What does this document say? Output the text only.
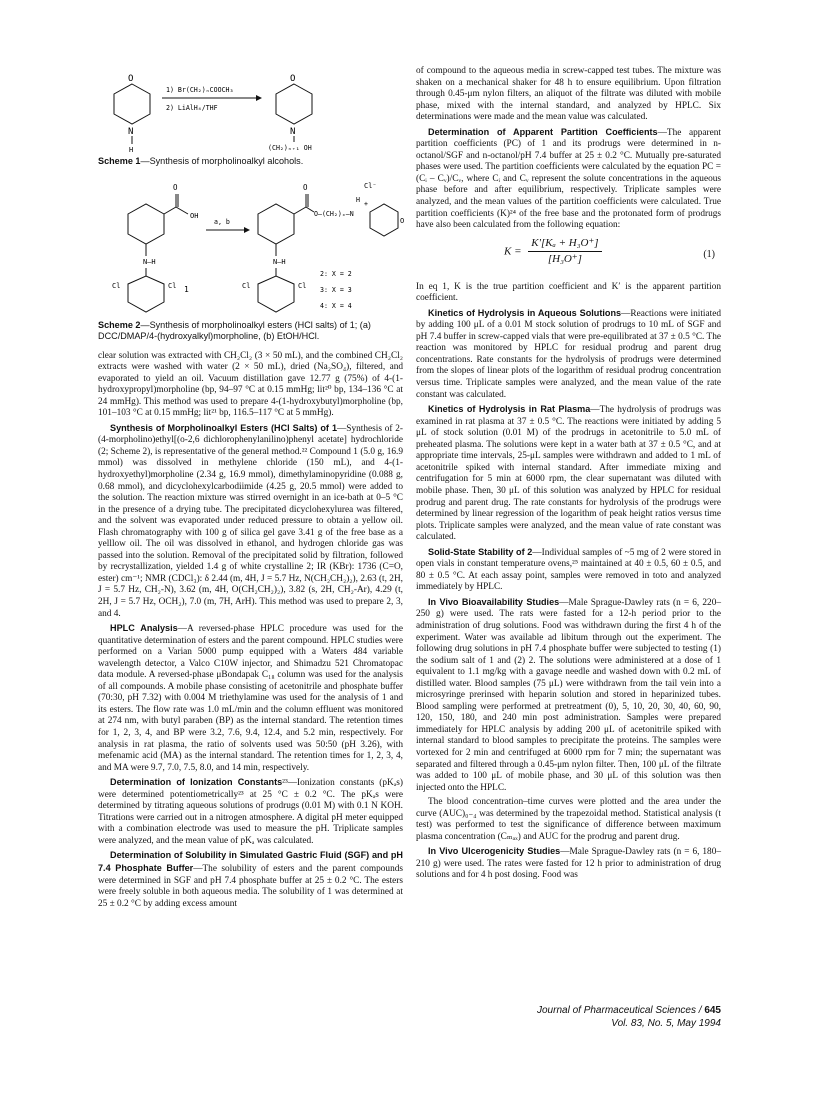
O
N
H
1) Br(CH₂)ₙCOOCH₃
2) LiAlH₄/THF
O
N
(CH₂)ₙ₊₁ OH
Scheme 1—Synthesis of morpholinoalkyl alcohols.
O
OH
N—H
Cl	Cl 1
a, b
O
O—(CH₂)ₓ—N
Cl⁻
H +
O
N—H
Cl	Cl
2: X = 2
3: X = 3
4: X = 4
Scheme 2—Synthesis of morpholinoalkyl esters (HCl salts) of 1; (a) DCC/DMAP/4-(hydroxyalkyl)morpholine, (b) EtOH/HCl.

clear solution was extracted with CH₂Cl₂ (3 × 50 mL), and the combined CH₂Cl₂ extracts were washed with water (2 × 50 mL), dried (Na₂SO₄), filtered, and evaporated to yield an oil. Vacuum distillation gave 12.77 g (75%) of 4-(1-hydroxypropyl)morpholine (bp, 94–97 °C at 0.15 mmHg; lit²⁰ bp, 134–136 °C at 24 mmHg). This method was used to prepare 4-(1-hydroxybutyl)morpholine (bp, 101–103 °C at 0.15 mmHg; lit²¹ bp, 116.5–117 °C at 5 mmHg).

Synthesis of Morpholinoalkyl Esters (HCl Salts) of 1—Synthesis of 2-(4-morpholino)ethyl[(o-2,6 dichlorophenylanilino)phenyl acetate] hydrochloride (2; Scheme 2), is representative of the general method.²² Compound 1 (5.0 g, 16.9 mmol) was dissolved in methylene chloride (150 mL), and 4-(1-hydroxyethyl)morpholine (2.34 g, 16.9 mmol), dimethylaminopyridine (0.088 g, 0.68 mmol), and dicyclohexylcarbodiimide (4.25 g, 20.5 mmol) were added to the solution. The reaction mixture was stirred overnight in an ice-bath at 0–5 °C in the presence of a drying tube. The precipitated dicyclohexylurea was filtered, and the solvent was evaporated under reduced pressure to obtain a yellow oil. Flash chromatography with 100 g of silica gel gave 3.41 g of the free base as a yelllow oil. The oil was dissolved in ethanol, and hydrogen chloride gas was passed into the solution. Removal of the precipitated solid by filtration, followed by recrystallization, yielded 1.4 g of white crystalline 2; IR (KBr): 1736 (C=O, ester) cm⁻¹; NMR (CDCl₃): δ 2.44 (m, 4H, J = 5.7 Hz, N(CH₂CH₂)₂), 2.63 (t, 2H, J = 5.7 Hz, CH₂-N), 3.62 (m, 4H, O(CH₂CH₂)₂), 3.82 (s, 2H, CH₂-Ar), 4.29 (t, 2H, J = 5.7 Hz, OCH₂), 7.0 (m, 7H, ArH). This method was used to prepare 2, 3, and 4.

HPLC Analysis—A reversed-phase HPLC procedure was used for the quantitative determination of esters and the parent compound. HPLC studies were performed on a Varian 5000 pump equipped with a Waters 484 variable wavelength detector, a Valco C10W injector, and Shimadzu 521 Chromatopac data module. A reversed-phase μBondapak C₁₈ column was used for the analysis of all compounds. A mobile phase consisting of acetonitrile and phosphate buffer (70:30, pH 7.32) with 0.004 M triethylamine was used for the analysis of 1 and its esters. The flow rate was 1.0 mL/min and the column effluent was monitored at 274 nm, with butyl paraben (BP) as the internal standard. The retention times for 1, 2, 3, 4, and BP were 3.2, 7.6, 9.4, 12.4, and 5.2 min, respectively. For analysis in rat plasma, the ratio of solvents used was 50:50 (pH 3.26), with mefenamic acid (MA) as the internal standard. The retention times for 1, 2, 3, 4, and MA were 9.7, 7.0, 7.5, 8.0, and 14 min, respectively.

Determination of Ionization Constants²³—Ionization constants (pKₐs) were determined potentiometrically²³ at 25 °C ± 0.2 °C. The pKₐs were determined by titrating aqueous solutions of prodrugs (0.01 M) with 0.1 N KOH. Titrations were carried out in a nitrogen atmosphere. A digital pH meter equipped with a combination electrode was used to measure the pH. Triplicate samples were analyzed, and the mean value of pKₐ was calculated.

Determination of Solubility in Simulated Gastric Fluid (SGF) and pH 7.4 Phosphate Buffer—The solubility of esters and the parent compounds were determined in SGF and pH 7.4 phosphate buffer at 25 ± 0.2 °C. The esters were freely soluble in both aqueous media. The solubility of 1 was determined at 25 ± 0.2 °C by adding excess amount

of compound to the aqueous media in screw-capped test tubes. The mixture was shaken on a mechanical shaker for 48 h to ensure equilibrium. Upon filtration through 0.45-μm nylon filters, an aliquot of the filtrate was diluted with mobile phase, mixed with the internal standard, and analyzed by HPLC. Six determinations were made and the mean value was calculated.

Determination of Apparent Partition Coefficients—The apparent partition coefficients (PC) of 1 and its prodrugs were determined in n-octanol/SGF and n-octanol/pH 7.4 buffer at 25 ± 0.2 °C. Mutually pre-saturated phases were used. The partition coefficients were calculated by the equation PC = (Cᵢ – Cᵥ)/Cᵥ, where Cᵢ and Cᵥ represent the solute concentrations in the aqueous phase before and after equilibrium, respectively. Triplicate samples were analyzed, and the mean values of the partition coefficients were calculated. True partition coefficients (K)²⁴ of the free base and the protonated form of prodrugs have also been calculated from the following equation:

$K = \frac{\text{K′[Kₐ + H₃O⁺]}}{\text{[H₃O⁺]}}$	(1)

In eq 1, K is the true partition coefficient and K′ is the apparent partition coefficient.

Kinetics of Hydrolysis in Aqueous Solutions—Reactions were initiated by adding 100 μL of a 0.01 M stock solution of prodrugs to 10 mL of SGF and pH 7.4 buffer in screw-capped vials that were pre-equilibrated at 37 ± 0.5 °C. The reaction was monitored by HPLC for residual prodrug and parent drug concentrations. Rate constants for the hydrolysis of prodrugs were determined from the slopes of linear plots of the logarithm of residual prodrug concentration versus time. Triplicate samples were analyzed, and the mean value of the rate constant was calculated.

Kinetics of Hydrolysis in Rat Plasma—The hydrolysis of prodrugs was examined in rat plasma at 37 ± 0.5 °C. The reactions were initiated by adding 5 μL of stock solution (0.01 M) of the prodrugs in acetonitrile to 5.0 mL of preheated plasma. The solutions were kept in a water bath at 37 ± 0.5 °C, and at appropriate time intervals, 25-μL samples were withdrawn and added to 1 mL of acetonitrile spiked with internal standard. After immediate mixing and centrifugation for 5 min at 6000 rpm, the clear supernatant was diluted with mobile phase. Then, 30 μL of this solution was analyzed by HPLC for residual prodrug and parent drug. The rate constants for hydrolysis of the prodrugs were determined by linear regression of the logarithm of peak height ratios versus time plots. Triplicate samples were analyzed, and the mean value of rate constant was calculated.

Solid-State Stability of 2—Individual samples of ~5 mg of 2 were stored in open vials in constant temperature ovens,²⁵ maintained at 40 ± 0.5, 60 ± 0.5, and 80 ± 0.5 °C. At each assay point, samples were removed in toto and analyzed immediately by HPLC.

In Vivo Bioavailability Studies—Male Sprague-Dawley rats (n = 6, 220–250 g) were used. The rats were fasted for a 12-h period prior to the administration of drug solutions. Food was withdrawn during the first 4 h of the experiment. Water was available ad libitum through out the experiment. The following drug solutions in pH 7.4 phosphate buffer were subjected to testing (1) the sodium salt of 1 and (2) 2. The solutions were administered at a dose of 1 equivalent to 1.1 mg/kg with a gavage needle and washed down with 0.2 mL of distilled water. Blood samples (75 μL) were withdrawn from the tail vein into a microsyringe prerinsed with heparin solution and stored in heparinized tubes. Blood sampling were performed at pretreatment (0), 5, 10, 20, 30, 40, 60, 90, 120, 150, 180, and 240 min post administration. Samples were prepared immediately for HPLC analysis by adding 200 μL of acetonitrile spiked with internal standard to blood samples to precipitate the proteins. The samples were vortexed for 2 min and centrifuged at 6000 rpm for 7 min; the supernatant was separated and filtered through a 0.45-μm nylon filter. Then, 100 μL of the filtrate was added to 100 μL of mobile phase, and 30 μL of this solution was then injected onto the HPLC.

The blood concentration–time curves were plotted and the area under the curve (AUC)₀₋₄ was determined by the trapezoidal method. Statistical analysis (t test) was performed to test the significance of difference between maximum plasma concentration (Cₘₐₓ) and AUC for the prodrug and parent drug.

In Vivo Ulcerogenicity Studies—Male Sprague-Dawley rats (n = 6, 180–210 g) were used. The rates were fasted for 12 h prior to administration of drug solutions and for 4 h post dosing. Food was

Journal of Pharmaceutical Sciences / 645
Vol. 83, No. 5, May 1994
